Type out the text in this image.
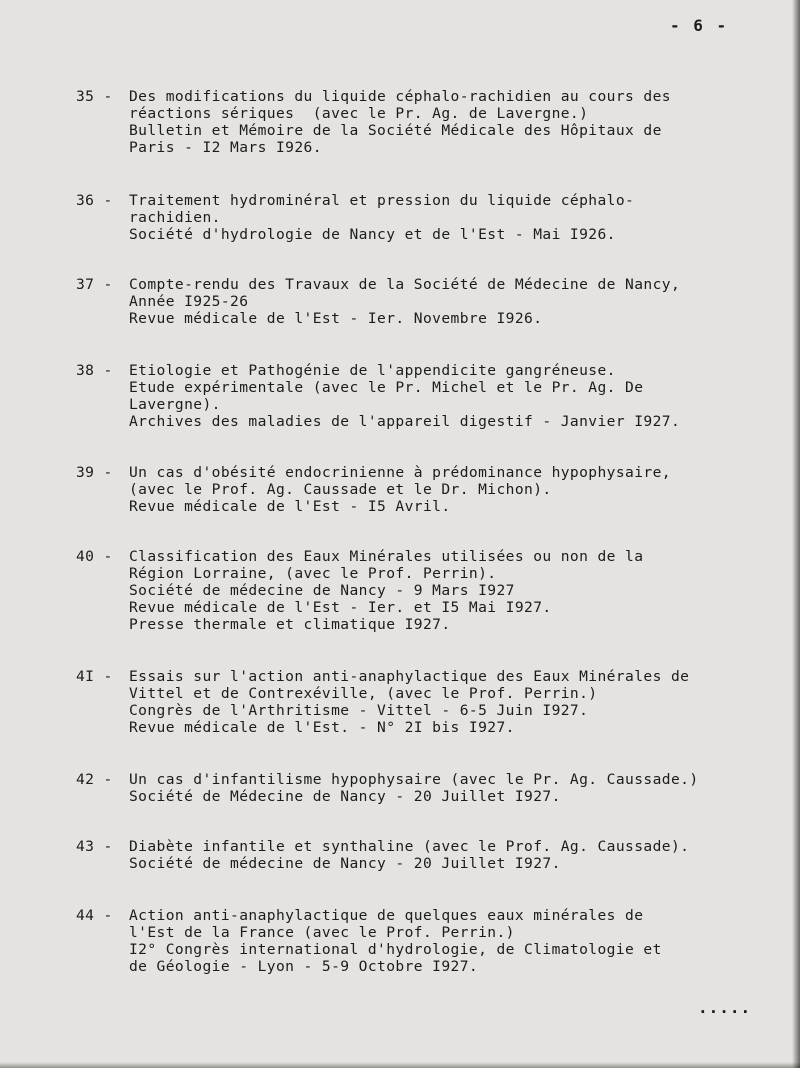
- 6 -
35 - Des modifications du liquide céphalo-rachidien au cours des
réactions sériques  (avec le Pr. Ag. de Lavergne.)
Bulletin et Mémoire de la Société Médicale des Hôpitaux de
Paris - I2 Mars I926.
36 - Traitement hydrominéral et pression du liquide céphalo-
rachidien.
Société d'hydrologie de Nancy et de l'Est - Mai I926.
37 - Compte-rendu des Travaux de la Société de Médecine de Nancy,
Année I925-26
Revue médicale de l'Est - Ier. Novembre I926.
38 - Etiologie et Pathogénie de l'appendicite gangréneuse.
Etude expérimentale (avec le Pr. Michel et le Pr. Ag. De
Lavergne).
Archives des maladies de l'appareil digestif - Janvier I927.
39 - Un cas d'obésité endocrinienne à prédominance hypophysaire,
(avec le Prof. Ag. Caussade et le Dr. Michon).
Revue médicale de l'Est - I5 Avril.
40 - Classification des Eaux Minérales utilisées ou non de la
Région Lorraine, (avec le Prof. Perrin).
Société de médecine de Nancy - 9 Mars I927
Revue médicale de l'Est - Ier. et I5 Mai I927.
Presse thermale et climatique I927.
4I - Essais sur l'action anti-anaphylactique des Eaux Minérales de
Vittel et de Contrexéville, (avec le Prof. Perrin.)
Congrès de l'Arthritisme - Vittel - 6-5 Juin I927.
Revue médicale de l'Est. - N° 2I bis I927.
42 - Un cas d'infantilisme hypophysaire (avec le Pr. Ag. Caussade.)
Société de Médecine de Nancy - 20 Juillet I927.
43 - Diabète infantile et synthaline (avec le Prof. Ag. Caussade).
Société de médecine de Nancy - 20 Juillet I927.
44 - Action anti-anaphylactique de quelques eaux minérales de
l'Est de la France (avec le Prof. Perrin.)
I2° Congrès international d'hydrologie, de Climatologie et
de Géologie - Lyon - 5-9 Octobre I927.
.....
